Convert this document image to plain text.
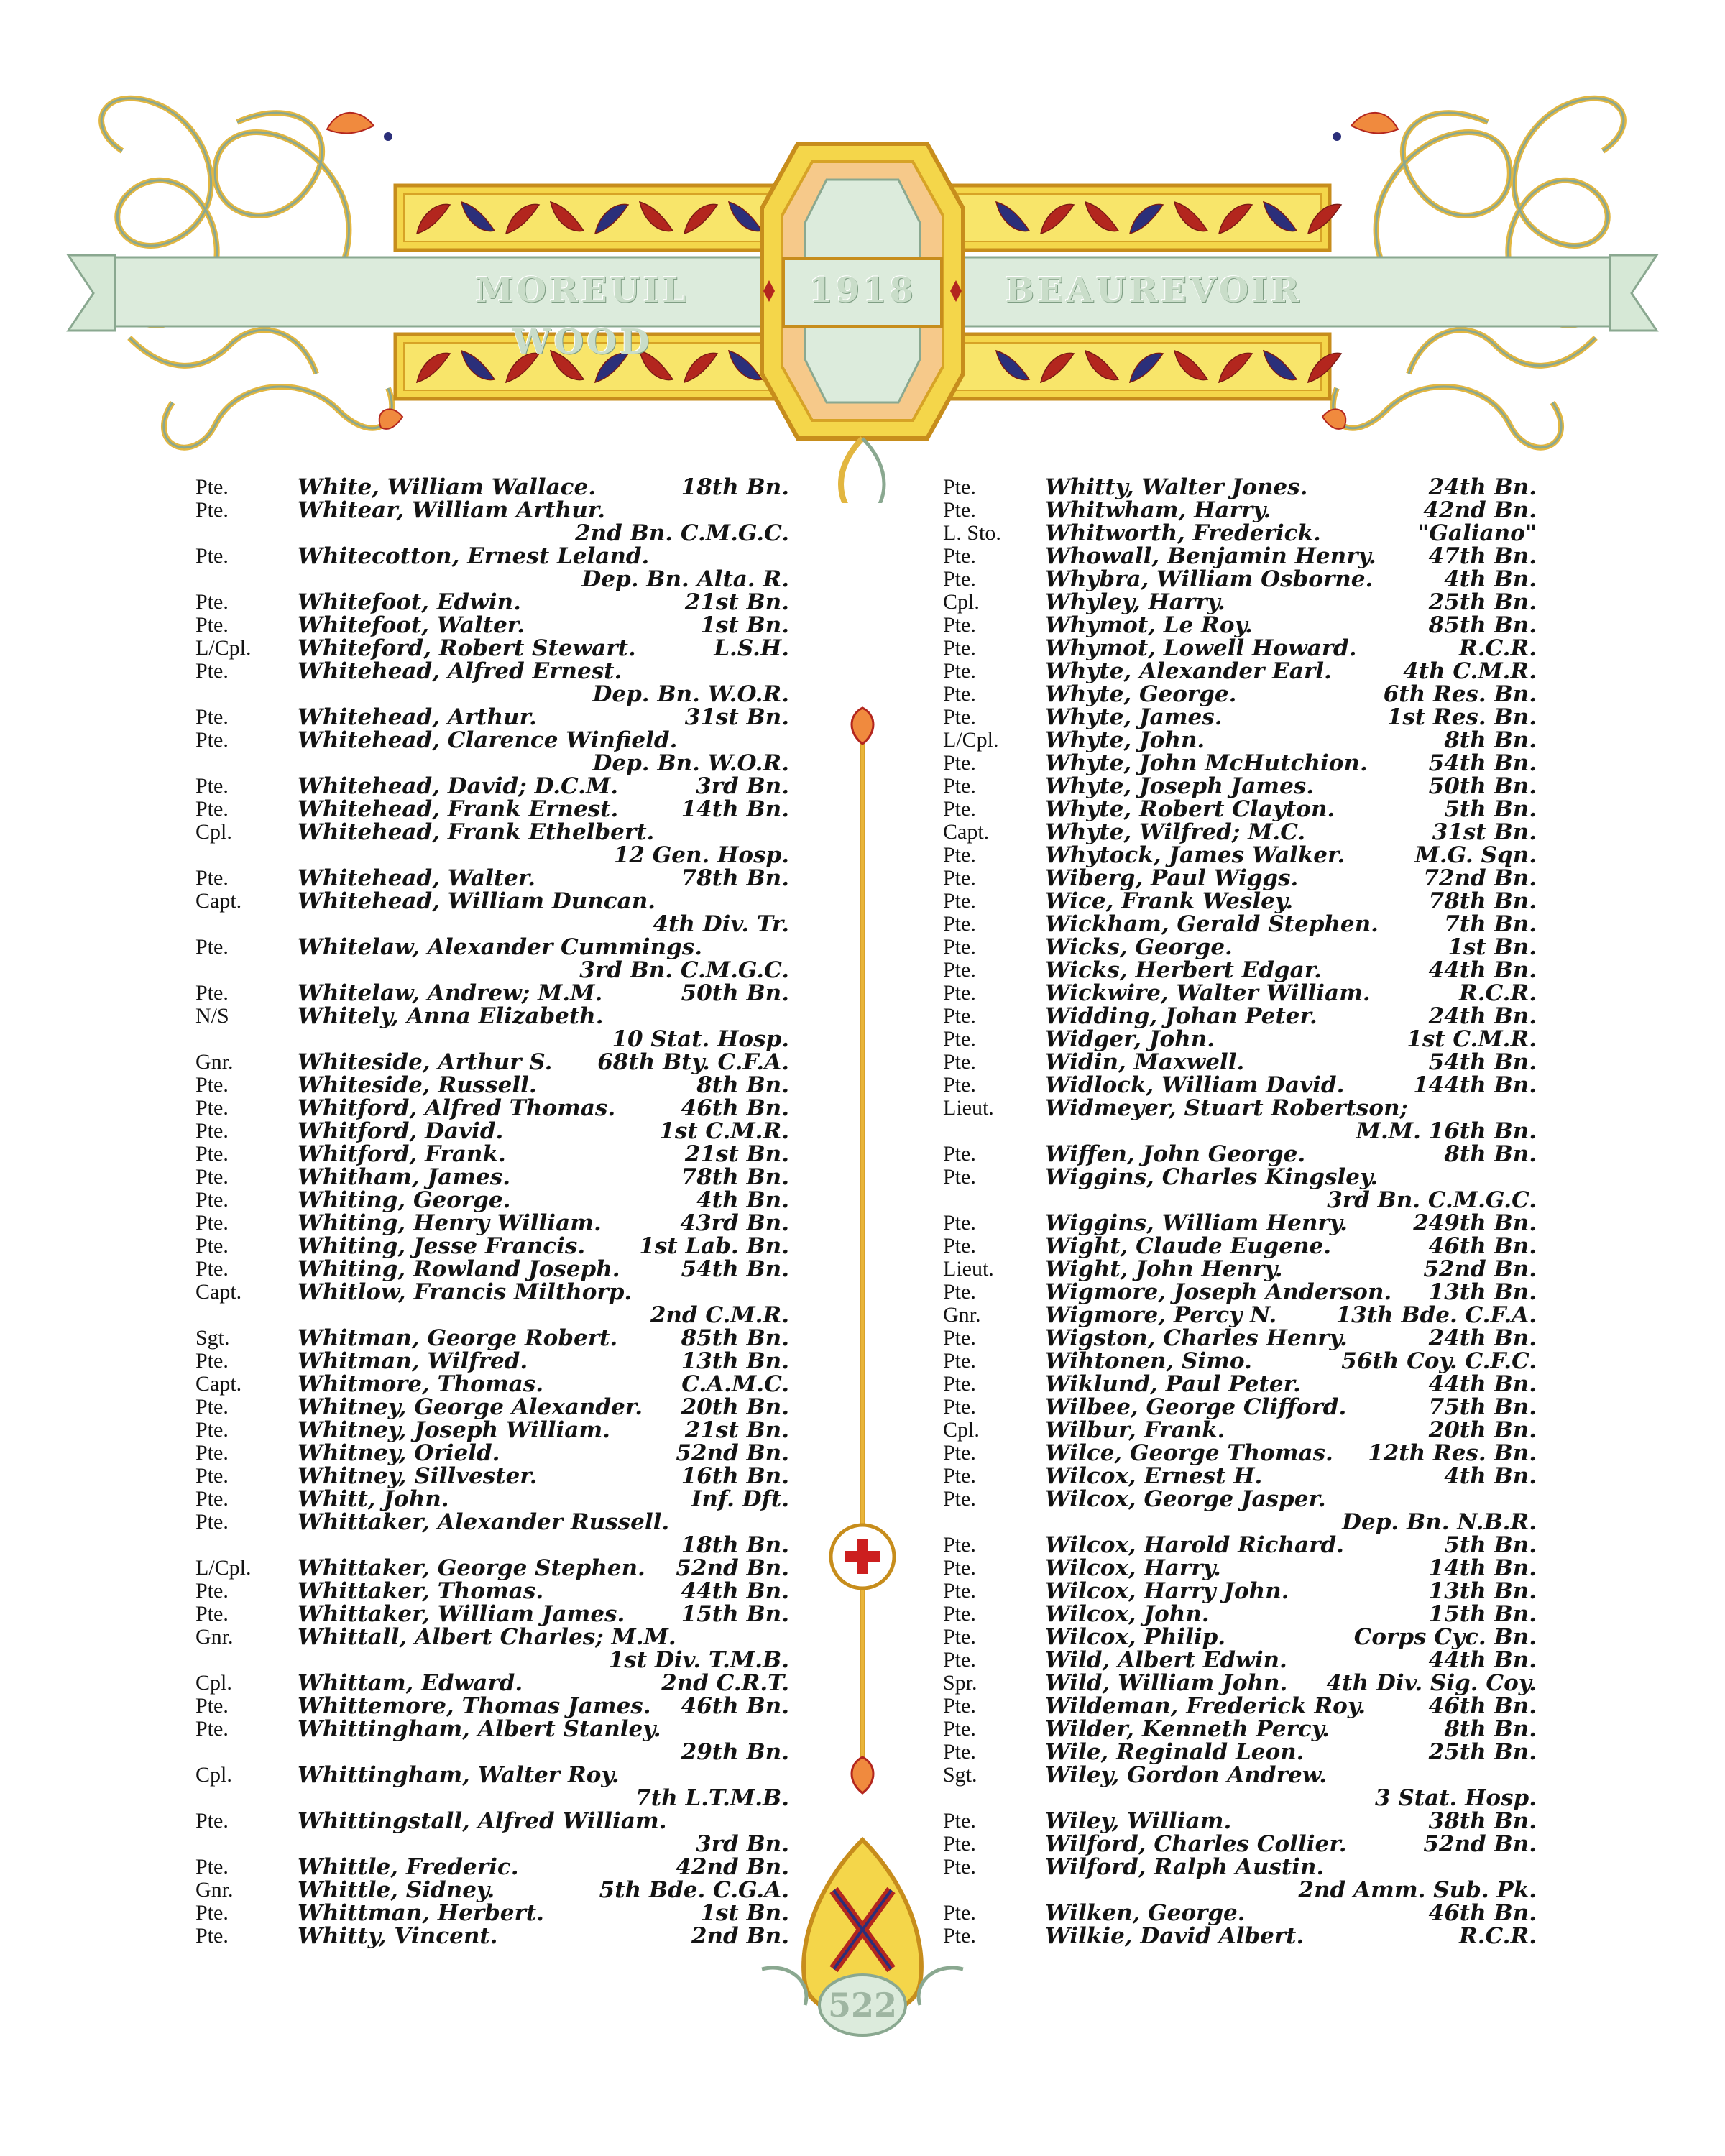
MOREUIL WOOD
1918	BEAUREVOIR
522
Pte.	White, William Wallace.	18th Bn.
Pte.	Whitear, William Arthur.
2nd Bn. C.M.G.C.
Pte.	Whitecotton, Ernest Leland.
Dep. Bn. Alta. R.
Pte.	Whitefoot, Edwin.	21st Bn.
Pte.	Whitefoot, Walter.	1st Bn.
L/Cpl. Whiteford, Robert Stewart.	L.S.H.
Pte.	Whitehead, Alfred Ernest.
Dep. Bn. W.O.R.
Pte.	Whitehead, Arthur.	31st Bn.
Pte.	Whitehead, Clarence Winfield.
Dep. Bn. W.O.R.
Pte.	Whitehead, David; D.C.M.	3rd Bn.
Pte.	Whitehead, Frank Ernest.	14th Bn.
Cpl.	Whitehead, Frank Ethelbert.
12 Gen. Hosp.
Pte.	Whitehead, Walter.	78th Bn.
Capt.	Whitehead, William Duncan.
4th Div. Tr.
Pte.	Whitelaw, Alexander Cummings.
3rd Bn. C.M.G.C.
Pte.	Whitelaw, Andrew; M.M.	50th Bn.
N/S	Whitely, Anna Elizabeth.
10 Stat. Hosp.
Gnr.	Whiteside, Arthur S. 68th Bty. C.F.A.
Pte.	Whiteside, Russell.	8th Bn.
Pte.	Whitford, Alfred Thomas.	46th Bn.
Pte.	Whitford, David.	1st C.M.R.
Pte.	Whitford, Frank.	21st Bn.
Pte.	Whitham, James.	78th Bn.
Pte.	Whiting, George.	4th Bn.
Pte.	Whiting, Henry William.	43rd Bn.
Pte.	Whiting, Jesse Francis. 1st Lab. Bn.
Pte.	Whiting, Rowland Joseph.	54th Bn.
Capt.	Whitlow, Francis Milthorp.
2nd C.M.R.
Sgt.	Whitman, George Robert.	85th Bn.
Pte.	Whitman, Wilfred.	13th Bn.
Capt.	Whitmore, Thomas.	C.A.M.C.
Pte.	Whitney, George Alexander. 20th Bn.
Pte.	Whitney, Joseph William.	21st Bn.
Pte.	Whitney, Orield.	52nd Bn.
Pte.	Whitney, Sillvester.	16th Bn.
Pte.	Whitt, John.	Inf. Dft.
Pte.	Whittaker, Alexander Russell.
18th Bn.
L/Cpl. Whittaker, George Stephen. 52nd Bn.
Pte.	Whittaker, Thomas.	44th Bn.
Pte.	Whittaker, William James.	15th Bn.
Gnr.	Whittall, Albert Charles; M.M.
1st Div. T.M.B.
Cpl.	Whittam, Edward.	2nd C.R.T.
Pte.	Whittemore, Thomas James. 46th Bn.
Pte.	Whittingham, Albert Stanley.
29th Bn.
Cpl.	Whittingham, Walter Roy.
7th L.T.M.B.
Pte.	Whittingstall, Alfred William.
3rd Bn.
Pte.	Whittle, Frederic.	42nd Bn.
Gnr.	Whittle, Sidney.	5th Bde. C.G.A.
Pte.	Whittman, Herbert.	1st Bn.
Pte.	Whitty, Vincent.	2nd Bn.
Pte.	Whitty, Walter Jones.	24th Bn.
Pte.	Whitwham, Harry.	42nd Bn.
L. Sto. Whitworth, Frederick.	"Galiano"
Pte.	Whowall, Benjamin Henry. 47th Bn.
Pte.	Whybra, William Osborne.	4th Bn.
Cpl.	Whyley, Harry.	25th Bn.
Pte.	Whymot, Le Roy.	85th Bn.
Pte.	Whymot, Lowell Howard.	R.C.R.
Pte.	Whyte, Alexander Earl.	4th C.M.R.
Pte.	Whyte, George.	6th Res. Bn.
Pte.	Whyte, James.	1st Res. Bn.
L/Cpl. Whyte, John.	8th Bn.
Pte.	Whyte, John McHutchion.	54th Bn.
Pte.	Whyte, Joseph James.	50th Bn.
Pte.	Whyte, Robert Clayton.	5th Bn.
Capt.	Whyte, Wilfred; M.C.	31st Bn.
Pte.	Whytock, James Walker.	M.G. Sqn.
Pte.	Wiberg, Paul Wiggs.	72nd Bn.
Pte.	Wice, Frank Wesley.	78th Bn.
Pte.	Wickham, Gerald Stephen.	7th Bn.
Pte.	Wicks, George.	1st Bn.
Pte.	Wicks, Herbert Edgar.	44th Bn.
Pte.	Wickwire, Walter William.	R.C.R.
Pte.	Widding, Johan Peter.	24th Bn.
Pte.	Widger, John.	1st C.M.R.
Pte.	Widin, Maxwell.	54th Bn.
Pte.	Widlock, William David.	144th Bn.
Lieut. Widmeyer, Stuart Robertson;
M.M. 16th Bn.
Pte.	Wiffen, John George.	8th Bn.
Pte.	Wiggins, Charles Kingsley.
3rd Bn. C.M.G.C.
Pte.	Wiggins, William Henry.	249th Bn.
Pte.	Wight, Claude Eugene.	46th Bn.
Lieut. Wight, John Henry.	52nd Bn.
Pte.	Wigmore, Joseph Anderson. 13th Bn.
Gnr.	Wigmore, Percy N.	13th Bde. C.F.A.
Pte.	Wigston, Charles Henry.	24th Bn.
Pte.	Wihtonen, Simo.	56th Coy. C.F.C.
Pte.	Wiklund, Paul Peter.	44th Bn.
Pte.	Wilbee, George Clifford.	75th Bn.
Cpl.	Wilbur, Frank.	20th Bn.
Pte.	Wilce, George Thomas. 12th Res. Bn.
Pte.	Wilcox, Ernest H.	4th Bn.
Pte.	Wilcox, George Jasper.
Dep. Bn. N.B.R.
Pte.	Wilcox, Harold Richard.	5th Bn.
Pte.	Wilcox, Harry.	14th Bn.
Pte.	Wilcox, Harry John.	13th Bn.
Pte.	Wilcox, John.	15th Bn.
Pte.	Wilcox, Philip.	Corps Cyc. Bn.
Pte.	Wild, Albert Edwin.	44th Bn.
Spr.	Wild, William John. 4th Div. Sig. Coy.
Pte.	Wildeman, Frederick Roy.	46th Bn.
Pte.	Wilder, Kenneth Percy.	8th Bn.
Pte.	Wile, Reginald Leon.	25th Bn.
Sgt.	Wiley, Gordon Andrew.
3 Stat. Hosp.
Pte.	Wiley, William.	38th Bn.
Pte.	Wilford, Charles Collier.	52nd Bn.
Pte.	Wilford, Ralph Austin.
2nd Amm. Sub. Pk.
Pte.	Wilken, George.	46th Bn.
Pte.	Wilkie, David Albert.	R.C.R.
